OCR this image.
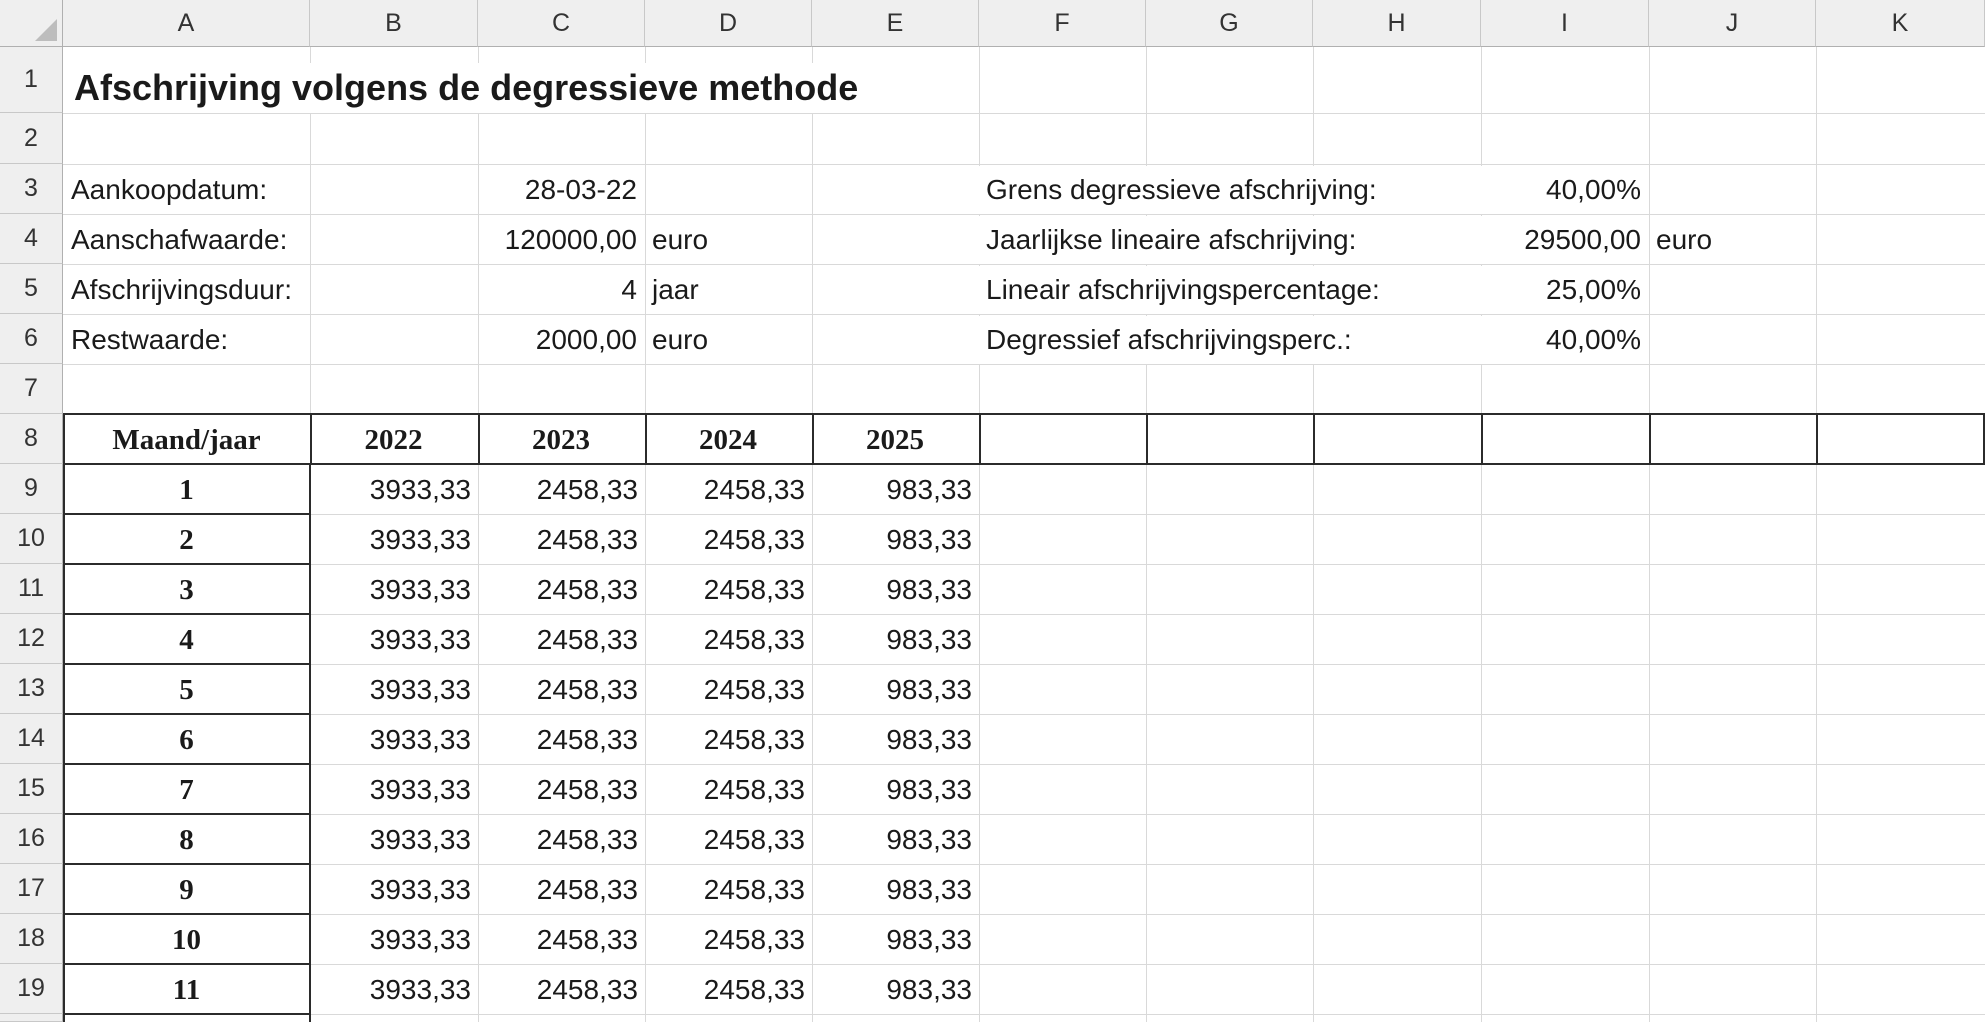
A	B	C	D	E	F	G	H	I	J	K
1
2
3
4
5
6
7
8
9
10
11
12
13
14
15
16
17
18
19
Afschrijving volgens de degressieve methode
Aankoopdatum:	28-03-22
Aanschafwaarde:	120000,00 euro
Afschrijvingsduur:	4 jaar
Restwaarde:	2000,00 euro
Grens degressieve afschrijving:	40,00%
Jaarlijkse lineaire afschrijving:	29500,00 euro
Lineair afschrijvingspercentage:	25,00%
Degressief afschrijvingsperc.:	40,00%
Maand/jaar	2022	2023	2024	2025
1	3933,33	2458,33	2458,33	983,33
2	3933,33	2458,33	2458,33	983,33
3	3933,33	2458,33	2458,33	983,33
4	3933,33	2458,33	2458,33	983,33
5	3933,33	2458,33	2458,33	983,33
6	3933,33	2458,33	2458,33	983,33
7	3933,33	2458,33	2458,33	983,33
8	3933,33	2458,33	2458,33	983,33
9	3933,33	2458,33	2458,33	983,33
10	3933,33	2458,33	2458,33	983,33
11	3933,33	2458,33	2458,33	983,33
